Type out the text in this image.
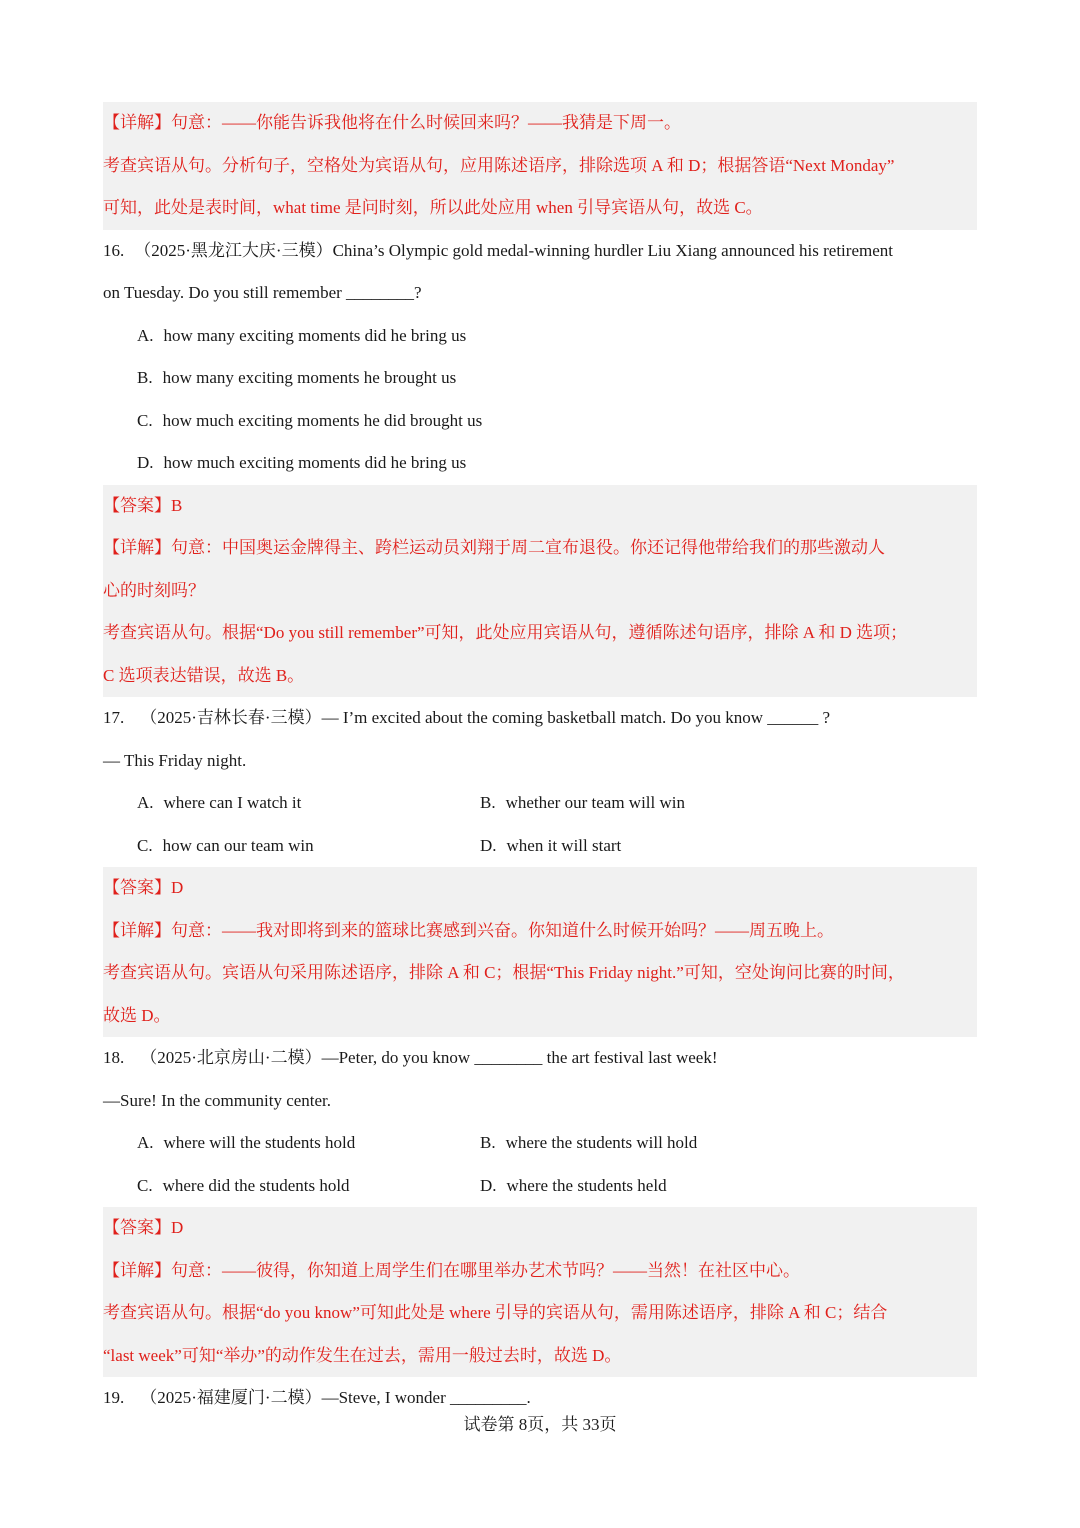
【详解】句意：——你能告诉我他将在什么时候回来吗？——我猜是下周一。
考查宾语从句。分析句子，空格处为宾语从句，应用陈述语序，排除选项 A 和 D；根据答语“Next Monday”
可知，此处是表时间，what time 是问时刻，所以此处应用 when 引导宾语从句，故选 C。
16. （2025·黑龙江大庆·三模）China’s Olympic gold medal-winning hurdler Liu Xiang announced his retirement
on Tuesday. Do you still remember ________?
A. how many exciting moments did he bring us
B. how many exciting moments he brought us
C. how much exciting moments he did brought us
D. how much exciting moments did he bring us
【答案】B
【详解】句意：中国奥运金牌得主、跨栏运动员刘翔于周二宣布退役。你还记得他带给我们的那些激动人
心的时刻吗？
考查宾语从句。根据“Do you still remember”可知，此处应用宾语从句，遵循陈述句语序，排除 A 和 D 选项；
C 选项表达错误，故选 B。
17. （2025·吉林长春·三模）— I’m excited about the coming basketball match. Do you know ______ ?
— This Friday night.
A. where can I watch it	B. whether our team will win
C. how can our team win	D. when it will start
【答案】D
【详解】句意：——我对即将到来的篮球比赛感到兴奋。你知道什么时候开始吗？——周五晚上。
考查宾语从句。宾语从句采用陈述语序，排除 A 和 C；根据“This Friday night.”可知，空处询问比赛的时间，
故选 D。
18. （2025·北京房山·二模）—Peter, do you know ________ the art festival last week!
—Sure! In the community center.
A. where will the students hold	B. where the students will hold
C. where did the students hold	D. where the students held
【答案】D
【详解】句意：——彼得，你知道上周学生们在哪里举办艺术节吗？——当然！在社区中心。
考查宾语从句。根据“do you know”可知此处是 where 引导的宾语从句，需用陈述语序，排除 A 和 C；结合
“last week”可知“举办”的动作发生在过去，需用一般过去时，故选 D。
19. （2025·福建厦门·二模）—Steve, I wonder _________.
试卷第 8页，共 33页
